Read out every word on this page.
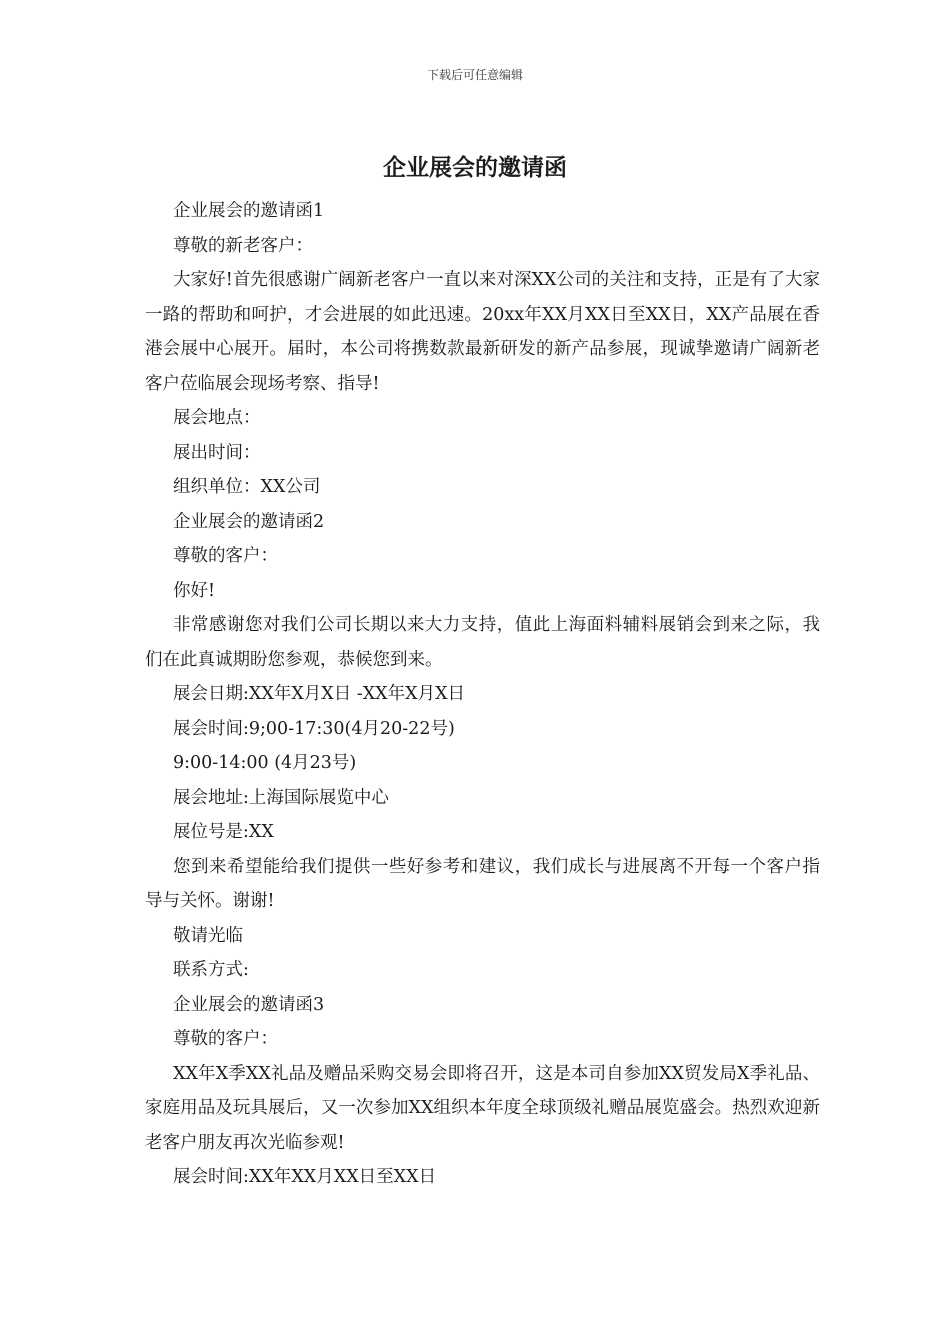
下载后可任意编辑
企业展会的邀请函

企业展会的邀请函1

尊敬的新老客户：

大家好!首先很感谢广阔新老客户一直以来对深XX公司的关注和支持，正是有了大家一路的帮助和呵护，才会进展的如此迅速。20xx年XX月XX日至XX日，XX产品展在香港会展中心展开。届时，本公司将携数款最新研发的新产品参展，现诚挚邀请广阔新老客户莅临展会现场考察、指导!

展会地点：

展出时间：

组织单位：XX公司

企业展会的邀请函2

尊敬的客户：

你好!

非常感谢您对我们公司长期以来大力支持，值此上海面料辅料展销会到来之际，我们在此真诚期盼您参观，恭候您到来。

展会日期:XX年X月X日 -XX年X月X日

展会时间:9;00-17:30(4月20-22号)

9:00-14:00 (4月23号)

展会地址:上海国际展览中心

展位号是:XX

您到来希望能给我们提供一些好参考和建议，我们成长与进展离不开每一个客户指导与关怀。谢谢!

敬请光临

联系方式:

企业展会的邀请函3

尊敬的客户：

XX年X季XX礼品及赠品采购交易会即将召开，这是本司自参加XX贸发局X季礼品、家庭用品及玩具展后，又一次参加XX组织本年度全球顶级礼赠品展览盛会。热烈欢迎新老客户朋友再次光临参观!

展会时间:XX年XX月XX日至XX日
